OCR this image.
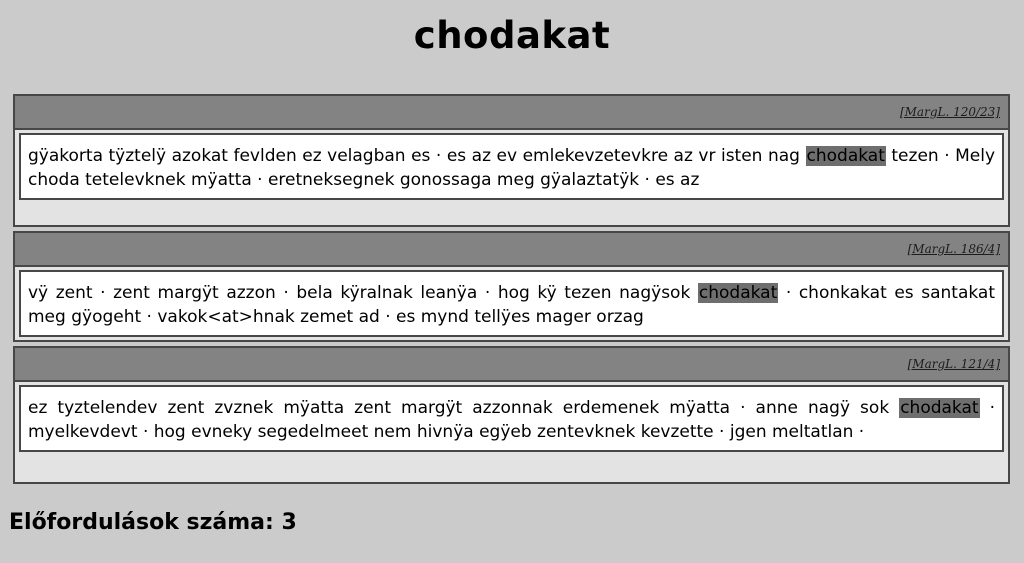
chodakat
[MargL. 120/23]
gÿakorta tÿztelÿ azokat fevlden ez velagban es · es az ev emlekevzetevkre az vr isten nag chodakat tezen · Mely choda tetelevknek mÿatta · eretneksegnek gonossaga meg gÿalaztatÿk · es az
[MargL. 186/4]
vÿ zent · zent margÿt azzon · bela kÿralnak leanÿa · hog kÿ tezen nagÿsok chodakat · chonkakat es santakat meg gÿogeht · vakok<at>hnak zemet ad · es mynd tellÿes mager orzag
[MargL. 121/4]
ez tyztelendev zent zvznek mÿatta zent margÿt azzonnak erdemenek mÿatta · anne nagÿ sok chodakat · myelkevdevt · hog evneky segedelmeet nem hivnÿa egÿeb zentevknek kevzette · jgen meltatlan ·
Előfordulások száma: 3
